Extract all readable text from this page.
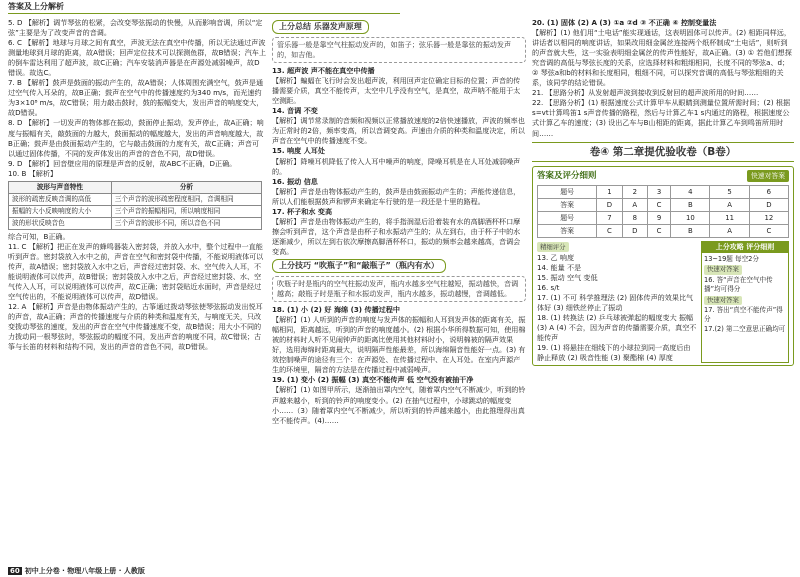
答案及上分解析

5. D 【解析】调节琴弦的松紧，会改变琴弦振动的快慢，从而影响音调，所以“定弦”主要是为了改变声音的音调。

6. C 【解析】地球与月球之间有真空，声波无法在真空中传播，所以无法通过声波测量地球到月球的距离，故A错误；回声定位技术可以探测鱼群，故B错误；汽车上的倒车雷达利用了超声波，故C正确；汽车安装消声器是在声源处减弱噪声，故D错误。故选C。

7. B 【解析】鼓声是鼓面的振动产生的，故A错误；人体周围充满空气，鼓声是通过空气传入耳朵的，故B正确；鼓声在空气中的传播速度约为340 m/s，而光速约为3×10⁸ m/s，故C错误；用力敲击鼓时，鼓的振幅变大，发出声音的响度变大，故D错误。

8. D 【解析】一切发声的物体都在振动，鼓面停止振动，发声停止，故A正确；响度与振幅有关，敲鼓面的力越大，鼓面振动的幅度越大，发出的声音响度越大，故B正确；鼓声是由鼓面振动产生的，它与敲击鼓面的力度有关，故C正确；声音可以通过固体传播，不同的发声体发出的声音的音色不同，故D错误。

9. D 【解析】回音壁应用的原理是声音的反射，故ABC不正确，D正确。

10. B 【解析】

波形与声音特性	分析
波形的疏密反映音调的高低	三个声音的波形疏密程度相同，音调相同
振幅的大小反映响度的大小	三个声音的振幅相同，所以响度相同
波的形状反映音色	三个声音的波形不同，所以音色不同

综合可知，B正确。

11. C 【解析】把正在发声的蜂鸣器装入密封袋，并放入水中，整个过程中一直能听到声音。密封袋放入水中之前，声音在空气和密封袋中传播，不能说明液体可以传声，故A错误；密封袋放入水中之后，声音经过密封袋、水、空气传入人耳，不能说明液体可以传声，故B错误；密封袋放入水中之后，声音经过密封袋、水、空气传入人耳，可以说明液体可以传声，故C正确；密封袋贴近水面时，声音是经过空气传出的，不能说明液体可以传声，故D错误。

12. A 【解析】声音是由物体振动产生的，古筝通过拨动琴弦使琴弦振动发出悦耳的声音，故A正确；声音的传播速度与介质的种类和温度有关，与响度无关，只改变拨动琴弦的速度，发出的声音在空气中传播速度不变，故B错误；用大小不同的力拨动同一根琴弦时，琴弦振动的幅度不同，发出声音的响度不同，故C错误；古筝与长笛的材料和结构不同，发出的声音的音色不同，故D错误。

上分总结 乐器发声原理
管乐器一般是靠空气柱振动发声的，如笛子；弦乐器一般是靠弦的振动发声的，如吉他。

13. 超声波 声不能在真空中传播

【解析】蝙蝠在飞行时会发出超声波，利用回声定位确定目标的位置；声音的传播需要介质，真空不能传声，太空中几乎没有空气，是真空，故声呐不能用于太空测距。

14. 音调 不变

【解析】调节常录制的音频和视频以正常播放速度的2倍快速播放，声波的频率也为正常时的2倍，频率变高，所以音调变高。声速由介质的种类和温度决定，所以声音在空气中的传播速度不变。

15. 响度 人耳处

【解析】降噪耳机降低了传入人耳中噪声的响度，降噪耳机是在人耳处减弱噪声的。

16. 振动 信息

【解析】声音是由物体振动产生的，鼓声是由鼓面振动产生的；声能传递信息，所以人们能根据鼓声和锣声来确定车行驶的是一段还是十里的路程。

17. 杯子和水 变高

【解析】声音是由物体振动产生的，将手指润湿后沿着装有水的高脚酒杯杯口摩擦会听到声音，这个声音是由杯子和水振动产生的；从左到右，由于杯子中的水逐渐减少，所以左到右依次摩擦高脚酒杯杯口，振动的频率会越来越高，音调会变高。

上分技巧 “吹瓶子”和“敲瓶子”（瓶内有水）
吹瓶子时是瓶内的空气柱振动发声，瓶内水越多空气柱越短，振动越快，音调越高；敲瓶子时是瓶子和水振动发声，瓶内水越多，振动越慢，音调越低。

18. (1) 小 (2) 好 海绵 (3) 传播过程中

【解析】(1) 人听到的声音的响度与发声体的振幅和人耳到发声体的距离有关，振幅相同，距离越远，听到的声音的响度越小。(2) 根据小华所得数据可知，使用棉被的材料时人听不见闹钟声的距离比使用其他材料时小，说明棉被的隔声效果好，选用海绵时距离最大，说明隔声性能最差，所以海绵隔音性能好一点。(3) 有效控制噪声的途径有三个：在声源处、在传播过程中、在人耳处。在室内声源产生的环境里，隔音的方法是在传播过程中减弱噪声。

19. (1) 变小 (2) 振幅 (3) 真空不能传声 低 空气没有被抽干净

【解析】(1) 如图甲所示，逐渐抽出罩内空气，随着罩内空气不断减少，听到的铃声越来越小，听到的铃声的响度变小。(2) 在抽气过程中，小球跳动的幅度变小……（3）随着罩内空气不断减少，所以听到的铃声越来越小，由此推理得出真空不能传声。(4)……

20. (1) 固体 (2) A (3) ①a ②d ③ 不正确 ④ 控制变量法

【解析】(1) 他们用“土电话”能实现通话，这表明固体可以传声。(2) 相距同样远，讲话者以相同的响度讲话，如果改用细金属丝连接两个纸杯制成“土电话”，则听到的声音就大些，这一实验表明细金属丝的传声性能好，故A正确。(3) ① 若他们想探究音调的高低与琴弦长度的关系，应选择材料和粗细相同，长度不同的琴弦a、d；② 琴弦a和b的材料和长度相同，粗细不同，可以探究音调的高低与琴弦粗细的关系，该同学的结论错误。

21. 【思路分析】从发射超声波到接收到反射回的超声波所用的时间……

22. 【思路分析】(1) 根据速度公式计算甲车从眼睛到测量位置所需时间；(2) 根据s=vt计算鸣笛1 s声音传播的路程，然后与计算乙车1 s内通过的路程，根据速度公式计算乙车的速度；(3) 设出乙车与B山相距的距离，据此计算乙车到鸣笛所用时间……

卷④ 第二章提优验收卷（B卷）
答案及评分细则	快速对答案
题号	1	2	3	4	5	6
答案	D	A	C	B	A	D
题号	7	8	9	10	11	12
答案	C	D	C	B	A	C
精细评分

13. 乙 响度

14. 能量 不是

15. 振动 空气 变低

16. s/t

17. (1) 不可 科学推理法 (2) 固体传声的效果比气体好 (3) 细铁丝停止了振动

18. (1) 转换法 (2) 乒乓球被弹起的幅度变大 振幅 (3) A (4) 不会，因为声音的传播需要介质，真空不能传声

19. (1) 将悬挂在细线下的小球拉到同一高度后由静止释放 (2) 吸音性能 (3) 聚酯棉 (4) 厚度

上分攻略 评分细则
13~19题 每空2分
快速对答案
16. 答“声音在空气中传播”均可得分
快速对答案
17. 答出“真空不能传声”得分
17.(2) 第二空意思正确均可
60 初中上分卷 · 物理八年级上册 · 人教版
